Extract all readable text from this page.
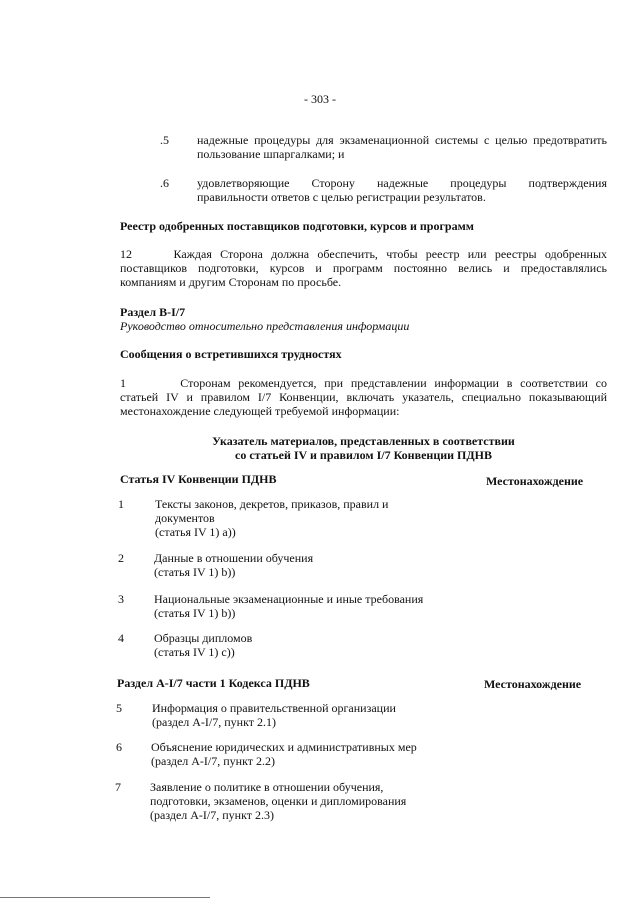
- 303 -
.5 надежные процедуры для экзаменационной системы с целью предотвратить пользование шпаргалками; и
.6 удовлетворяющие Сторону надежные процедуры подтверждения
правильности ответов с целью регистрации результатов.
Реестр одобренных поставщиков подготовки, курсов и программ
12	Каждая Сторона должна обеспечить, чтобы реестр или реестры одобренных
поставщиков подготовки, курсов и программ постоянно велись и предоставлялись
компаниям и другим Сторонам по просьбе.
Раздел B-I/7
Руководство относительно представления информации
Сообщения о встретившихся трудностях
1	Сторонам рекомендуется, при представлении информации в соответствии со
статьей IV и правилом I/7 Конвенции, включать указатель, специально показывающий
местонахождение следующей требуемой информации:
Указатель материалов, представленных в соответствии
со статьей IV и правилом I/7 Конвенции ПДНВ
Статья IV Конвенции ПДНВ	Местонахождение
1	Тексты законов, декретов, приказов, правил и
документов
(статья IV 1) a))
2	Данные в отношении обучения
(статья IV 1) b))
3	Национальные экзаменационные и иные требования
(статья IV 1) b))
4	Образцы дипломов
(статья IV 1) c))
Раздел A-I/7 части 1 Кодекса ПДНВ	Местонахождение
5	Информация о правительственной организации
(раздел A-I/7, пункт 2.1)
6 Объяснение юридических и административных мер
(раздел A-I/7, пункт 2.2)
7 Заявление о политике в отношении обучения,
подготовки, экзаменов, оценки и дипломирования
(раздел A-I/7, пункт 2.3)
